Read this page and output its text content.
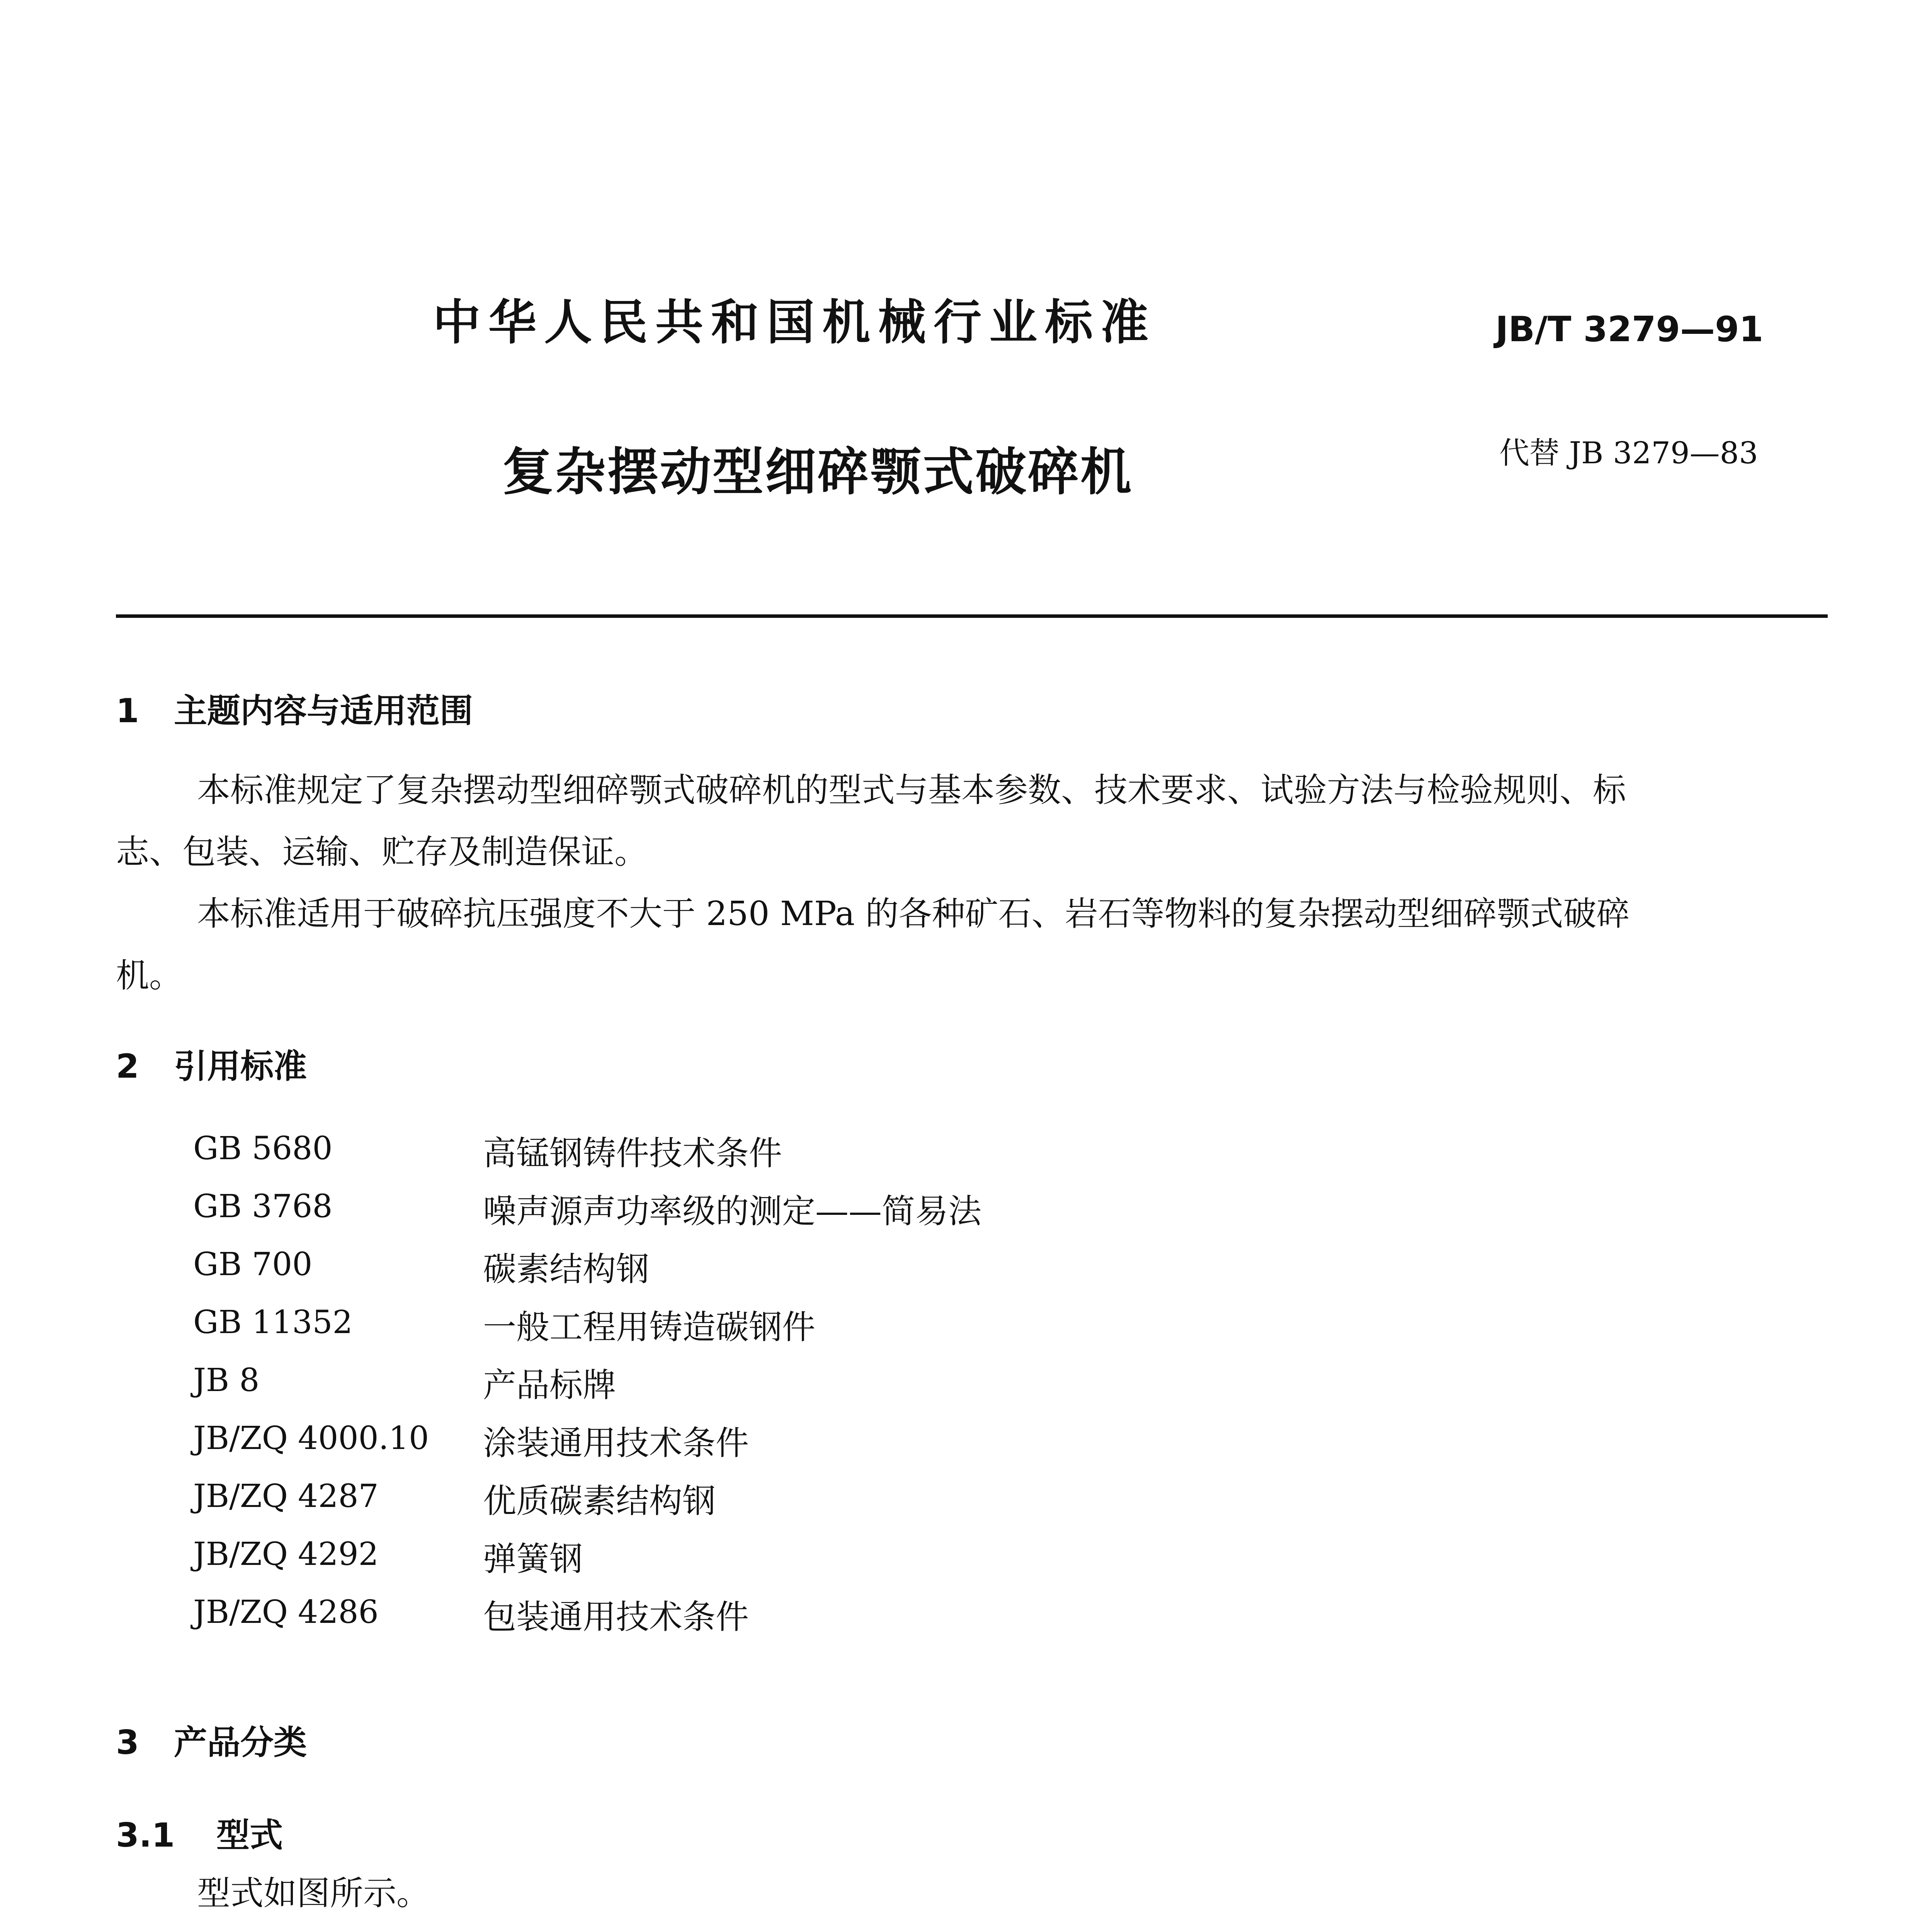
中华人民共和国机械行业标准	JB/T 3279—91
复杂摆动型细碎颚式破碎机	代替 JB 3279—83
1 主题内容与适用范围
本标准规定了复杂摆动型细碎颚式破碎机的型式与基本参数、技术要求、试验方法与检验规则、标
志、包装、运输、贮存及制造保证。
本标准适用于破碎抗压强度不大于 250 MPa 的各种矿石、岩石等物料的复杂摆动型细碎颚式破碎
机。
2 引用标准
GB 5680	高锰钢铸件技术条件
GB 3768	噪声源声功率级的测定——简易法
GB 700	碳素结构钢
GB 11352	一般工程用铸造碳钢件
JB 8	产品标牌
JB/ZQ 4000.10 涂装通用技术条件
JB/ZQ 4287	优质碳素结构钢
JB/ZQ 4292	弹簧钢
JB/ZQ 4286	包装通用技术条件
3 产品分类
3.1 型式
型式如图所示。
